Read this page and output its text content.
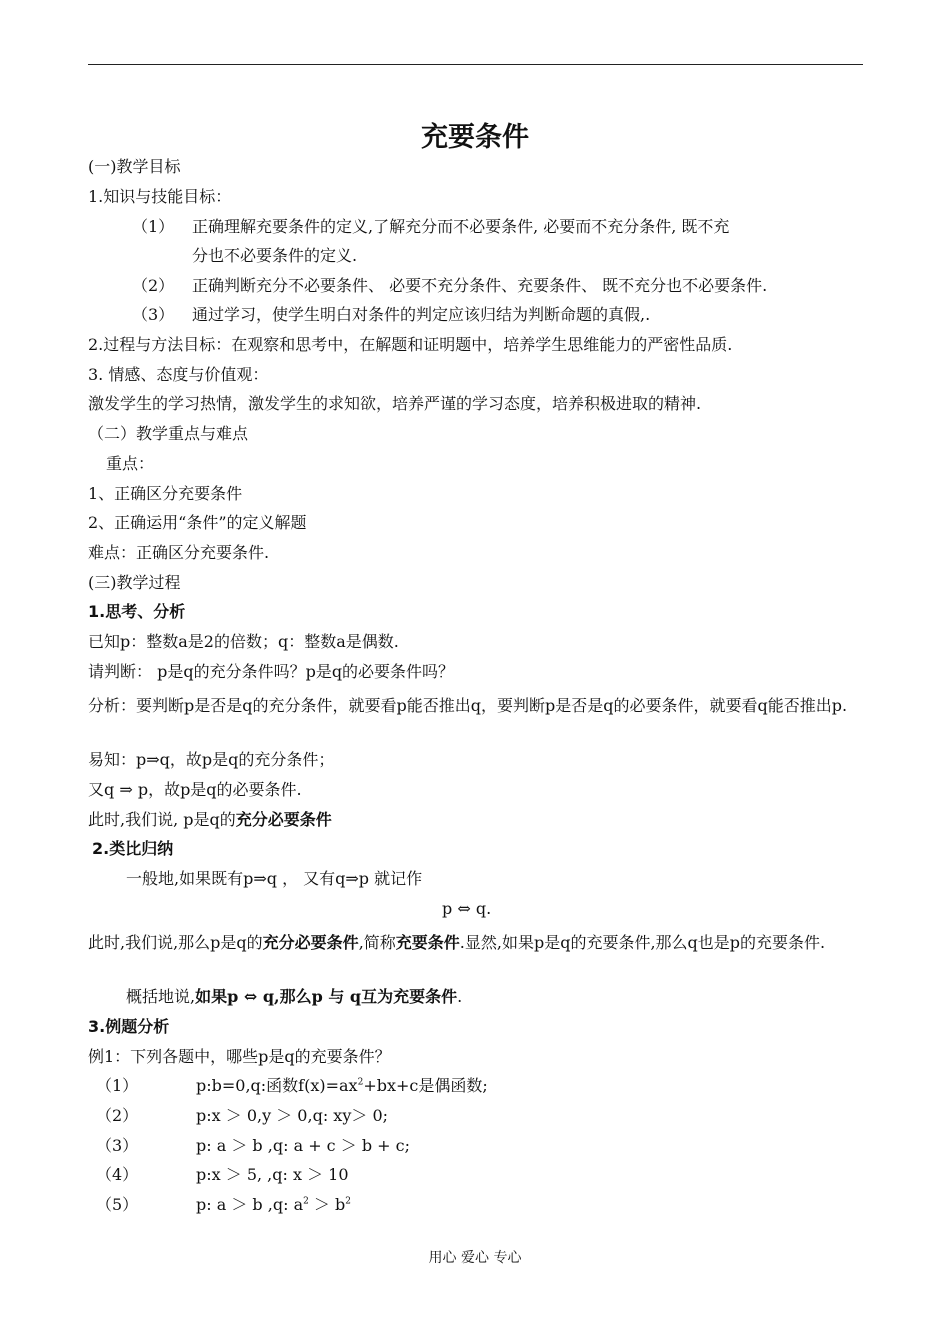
充要条件
(一)教学目标
1.知识与技能目标：
（1） 正确理解充要条件的定义,了解充分而不必要条件, 必要而不充分条件, 既不充
分也不必要条件的定义.
（2） 正确判断充分不必要条件、 必要不充分条件、充要条件、 既不充分也不必要条件.
（3） 通过学习，使学生明白对条件的判定应该归结为判断命题的真假,.
2.过程与方法目标：在观察和思考中，在解题和证明题中，培养学生思维能力的严密性品质.
3. 情感、态度与价值观：
激发学生的学习热情，激发学生的求知欲，培养严谨的学习态度，培养积极进取的精神.
（二）教学重点与难点
重点：
1、正确区分充要条件
2、正确运用“条件”的定义解题
难点：正确区分充要条件.
(三)教学过程
1.思考、分析
已知p：整数a是2的倍数；q：整数a是偶数.
请判断： p是q的充分条件吗？p是q的必要条件吗？
分析：要判断p是否是q的充分条件，就要看p能否推出q，要判断p是否是q的必要条件，就要看q能否推出p.
易知：p⇒q，故p是q的充分条件；
又q ⇒ p，故p是q的必要条件.
此时,我们说, p是q的充分必要条件
2.类比归纳
一般地,如果既有p⇒q ， 又有q⇒p 就记作
p ⇔ q.
此时,我们说,那么p是q的充分必要条件,简称充要条件.显然,如果p是q的充要条件,那么q也是p的充要条件.
概括地说,如果p ⇔ q,那么p 与 q互为充要条件.
3.例题分析
例1：下列各题中，哪些p是q的充要条件？
（1）	p:b=0,q:函数$f(x)=ax^2+bx+c$是偶函数;
（2）	p:x ＞ 0,y ＞ 0,q: xy＞ 0;
（3）	p: a ＞ b ,q: a + c ＞ b + c;
（4）	p:x ＞ 5, ,q: x ＞ 10
（5）	p: a ＞ b ,q: $a^2 > b^2$
用心 爱心 专心
